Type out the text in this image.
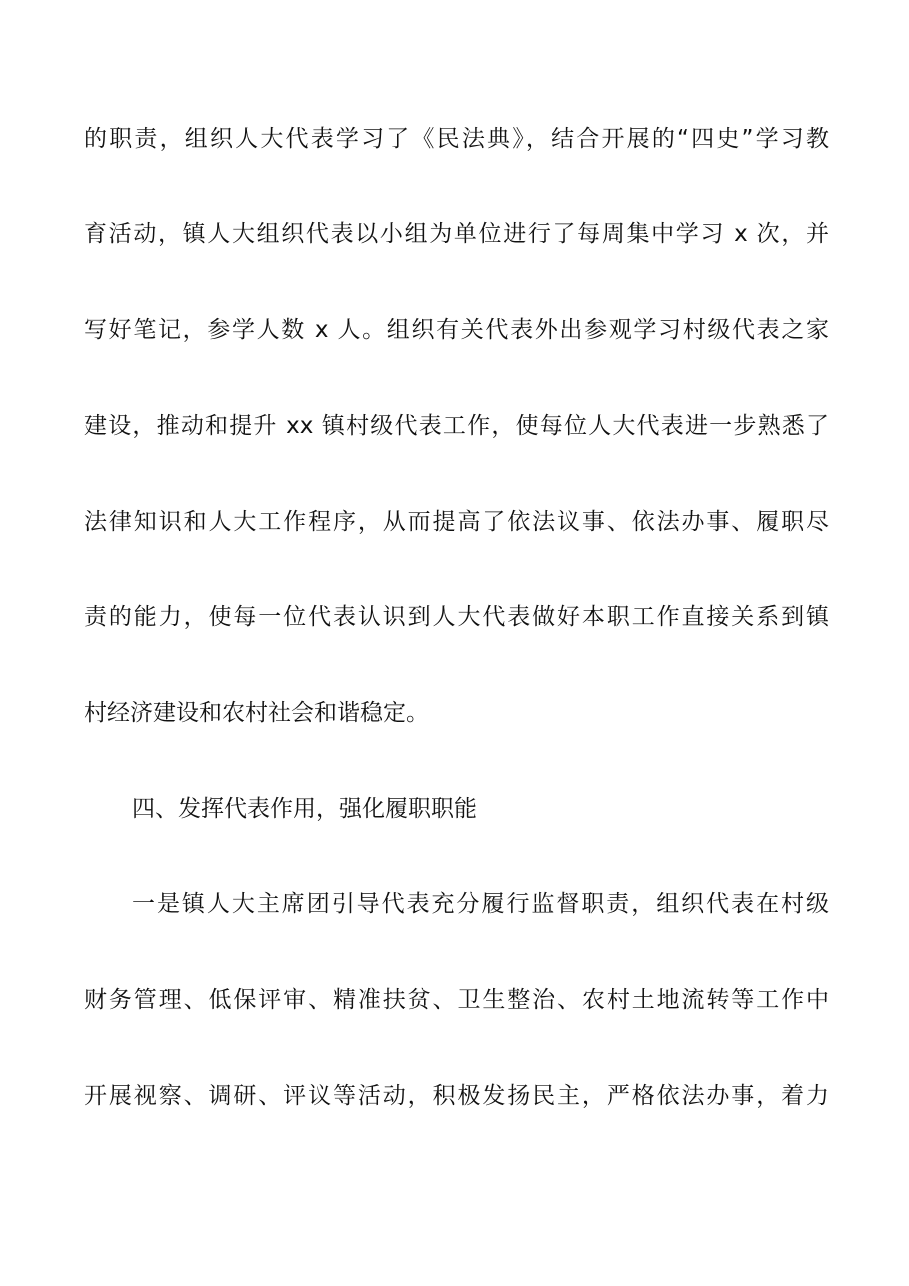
的职责，组织人大代表学习了《民法典》，结合开展的“四史”学习教
育活动，镇人大组织代表以小组为单位进行了每周集中学习 x 次，并
写好笔记，参学人数 x 人。组织有关代表外出参观学习村级代表之家
建设，推动和提升 xx 镇村级代表工作，使每位人大代表进一步熟悉了
法律知识和人大工作程序，从而提高了依法议事、依法办事、履职尽
责的能力，使每一位代表认识到人大代表做好本职工作直接关系到镇
村经济建设和农村社会和谐稳定。
四、发挥代表作用，强化履职职能
一是镇人大主席团引导代表充分履行监督职责，组织代表在村级
财务管理、低保评审、精准扶贫、卫生整治、农村土地流转等工作中
开展视察、调研、评议等活动，积极发扬民主，严格依法办事，着力
